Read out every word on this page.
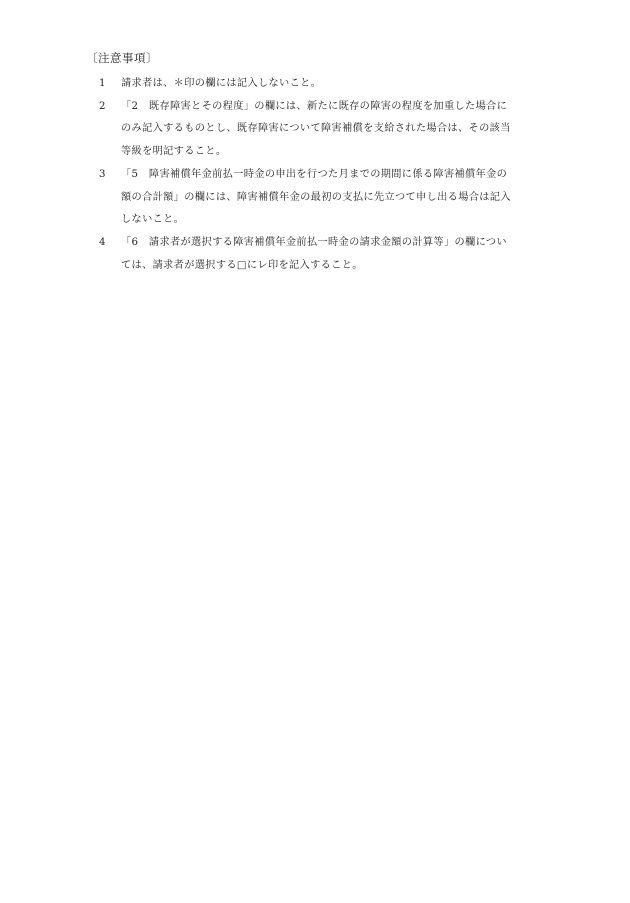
〔注意事項〕
1	請求者は、＊印の欄には記入しないこと。
2	「2　既存障害とその程度」の欄には、新たに既存の障害の程度を加重した場合に
のみ記入するものとし、既存障害について障害補償を支給された場合は、その該当
等級を明記すること。
3	「5　障害補償年金前払一時金の申出を行つた月までの期間に係る障害補償年金の
額の合計額」の欄には、障害補償年金の最初の支払に先立つて申し出る場合は記入
しないこと。
4	「6　請求者が選択する障害補償年金前払一時金の請求金額の計算等」の欄につい
ては、請求者が選択する□にレ印を記入すること。
